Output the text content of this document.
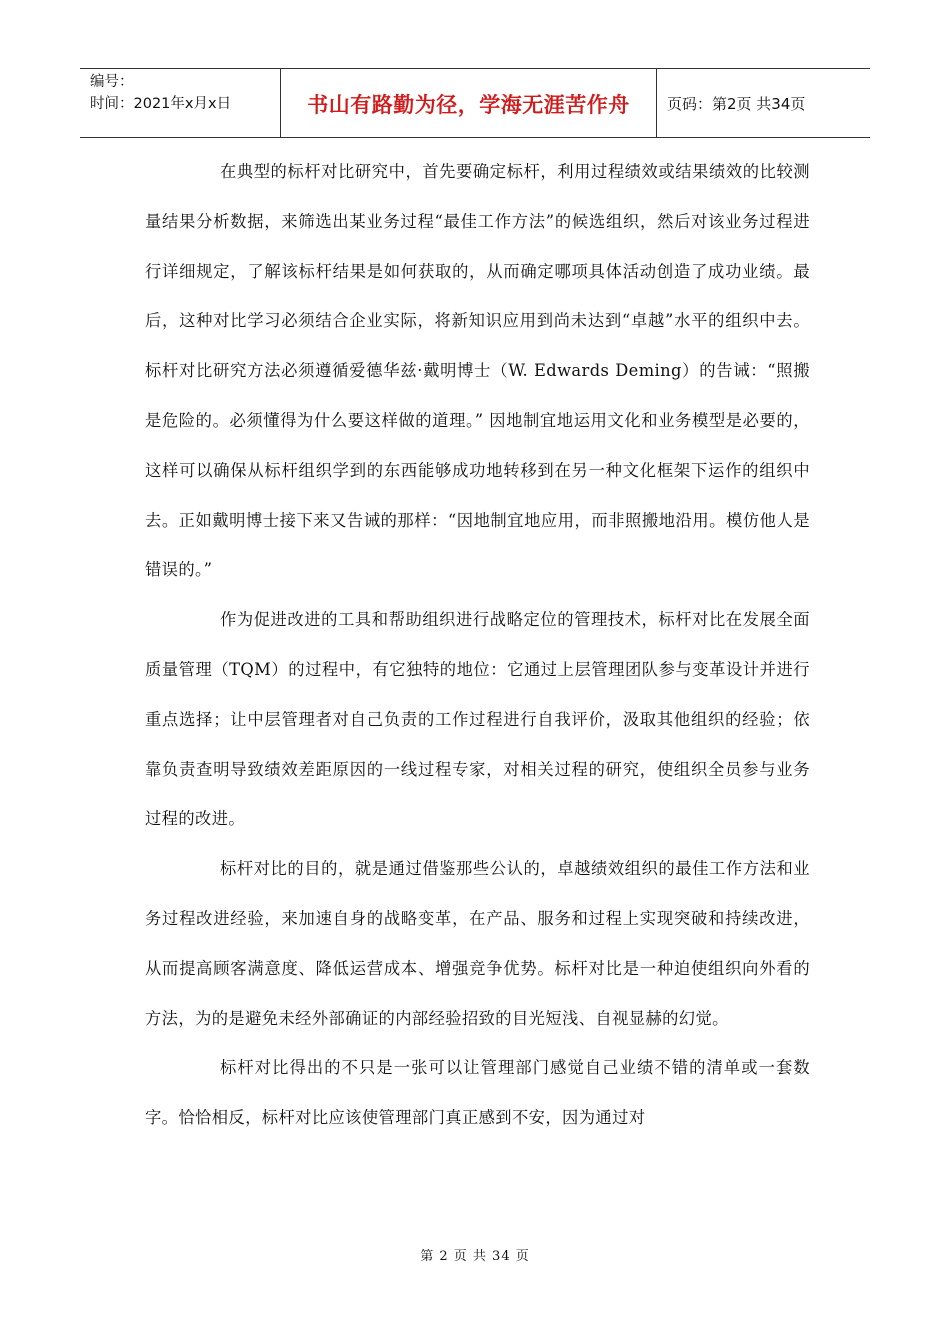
编号：
时间：2021年x月x日	书山有路勤为径，学海无涯苦作舟	页码：第2页 共34页

在典型的标杆对比研究中，首先要确定标杆，利用过程绩效或结果绩效的比较测量结果分析数据，来筛选出某业务过程“最佳工作方法”的候选组织，然后对该业务过程进行详细规定，了解该标杆结果是如何获取的，从而确定哪项具体活动创造了成功业绩。最后，这种对比学习必须结合企业实际，将新知识应用到尚未达到“卓越”水平的组织中去。标杆对比研究方法必须遵循爱德华兹·戴明博士（W. Edwards Deming）的告诫：“照搬是危险的。必须懂得为什么要这样做的道理。” 因地制宜地运用文化和业务模型是必要的，这样可以确保从标杆组织学到的东西能够成功地转移到在另一种文化框架下运作的组织中去。正如戴明博士接下来又告诫的那样：“因地制宜地应用，而非照搬地沿用。模仿他人是错误的。”

作为促进改进的工具和帮助组织进行战略定位的管理技术，标杆对比在发展全面质量管理（TQM）的过程中，有它独特的地位：它通过上层管理团队参与变革设计并进行重点选择；让中层管理者对自己负责的工作过程进行自我评价，汲取其他组织的经验；依靠负责查明导致绩效差距原因的一线过程专家，对相关过程的研究，使组织全员参与业务过程的改进。

标杆对比的目的，就是通过借鉴那些公认的，卓越绩效组织的最佳工作方法和业务过程改进经验，来加速自身的战略变革，在产品、服务和过程上实现突破和持续改进，从而提高顾客满意度、降低运营成本、增强竞争优势。标杆对比是一种迫使组织向外看的方法，为的是避免未经外部确证的内部经验招致的目光短浅、自视显赫的幻觉。

标杆对比得出的不只是一张可以让管理部门感觉自己业绩不错的清单或一套数字。恰恰相反，标杆对比应该使管理部门真正感到不安，因为通过对

第 2 页 共 34 页
